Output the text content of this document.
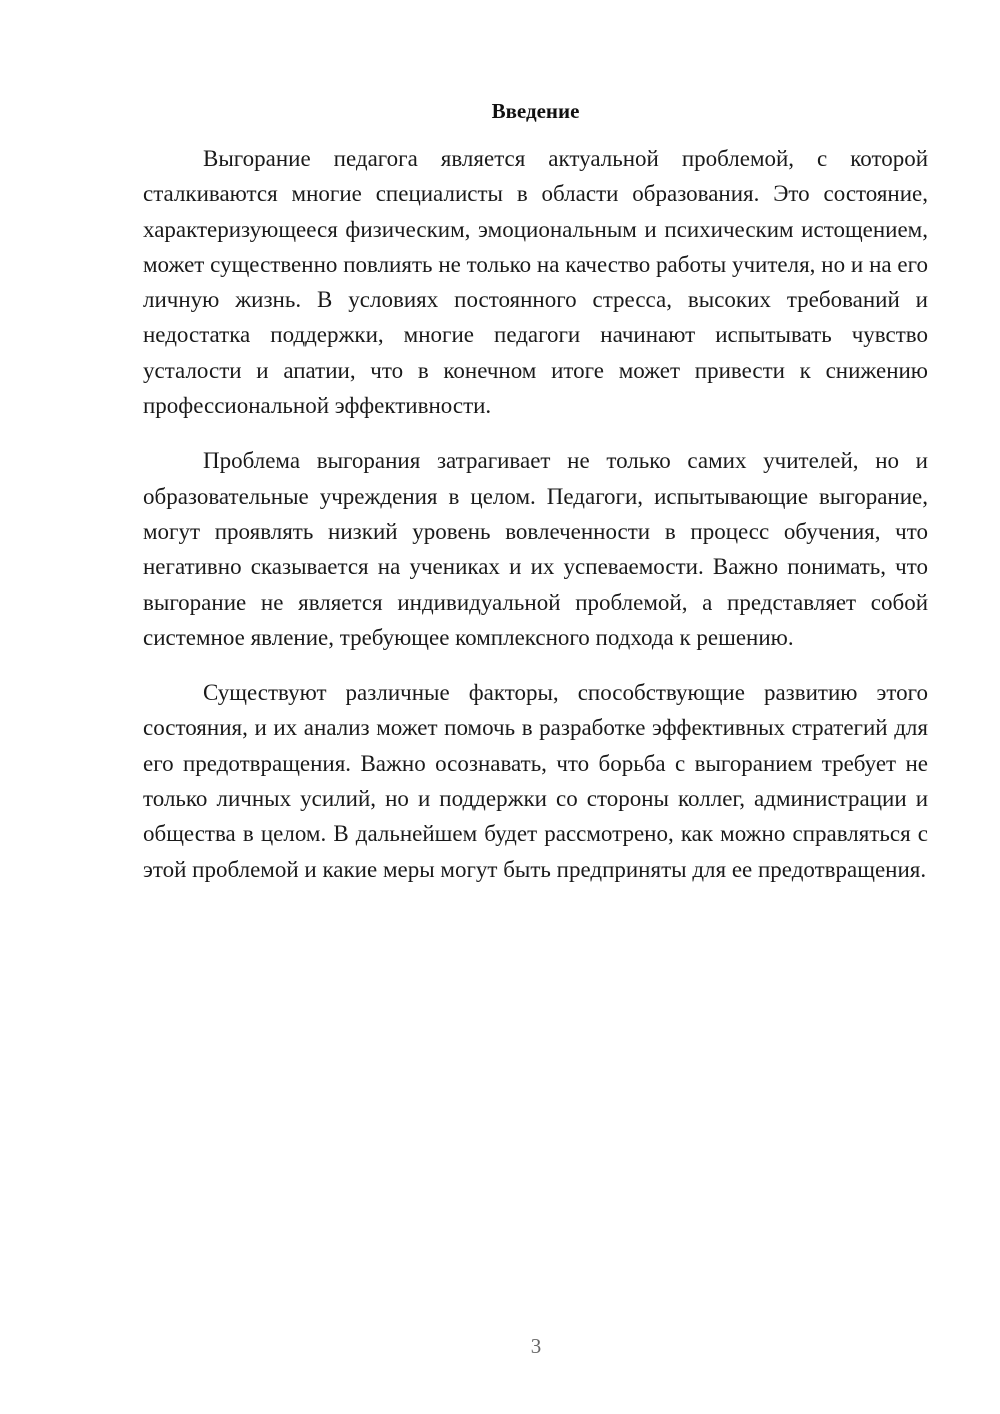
Введение

Выгорание педагога является актуальной проблемой, с которой сталкиваются многие специалисты в области образования. Это состояние, характеризующееся физическим, эмоциональным и психическим истощением, может существенно повлиять не только на качество работы учителя, но и на его личную жизнь. В условиях постоянного стресса, высоких требований и недостатка поддержки, многие педагоги начинают испытывать чувство усталости и апатии, что в конечном итоге может привести к снижению профессиональной эффективности.

Проблема выгорания затрагивает не только самих учителей, но и образовательные учреждения в целом. Педагоги, испытывающие выгорание, могут проявлять низкий уровень вовлеченности в процесс обучения, что негативно сказывается на учениках и их успеваемости. Важно понимать, что выгорание не является индивидуальной проблемой, а представляет собой системное явление, требующее комплексного подхода к решению.

Существуют различные факторы, способствующие развитию этого состояния, и их анализ может помочь в разработке эффективных стратегий для его предотвращения. Важно осознавать, что борьба с выгоранием требует не только личных усилий, но и поддержки со стороны коллег, администрации и общества в целом. В дальнейшем будет рассмотрено, как можно справляться с этой проблемой и какие меры могут быть предприняты для ее предотвращения.

3
